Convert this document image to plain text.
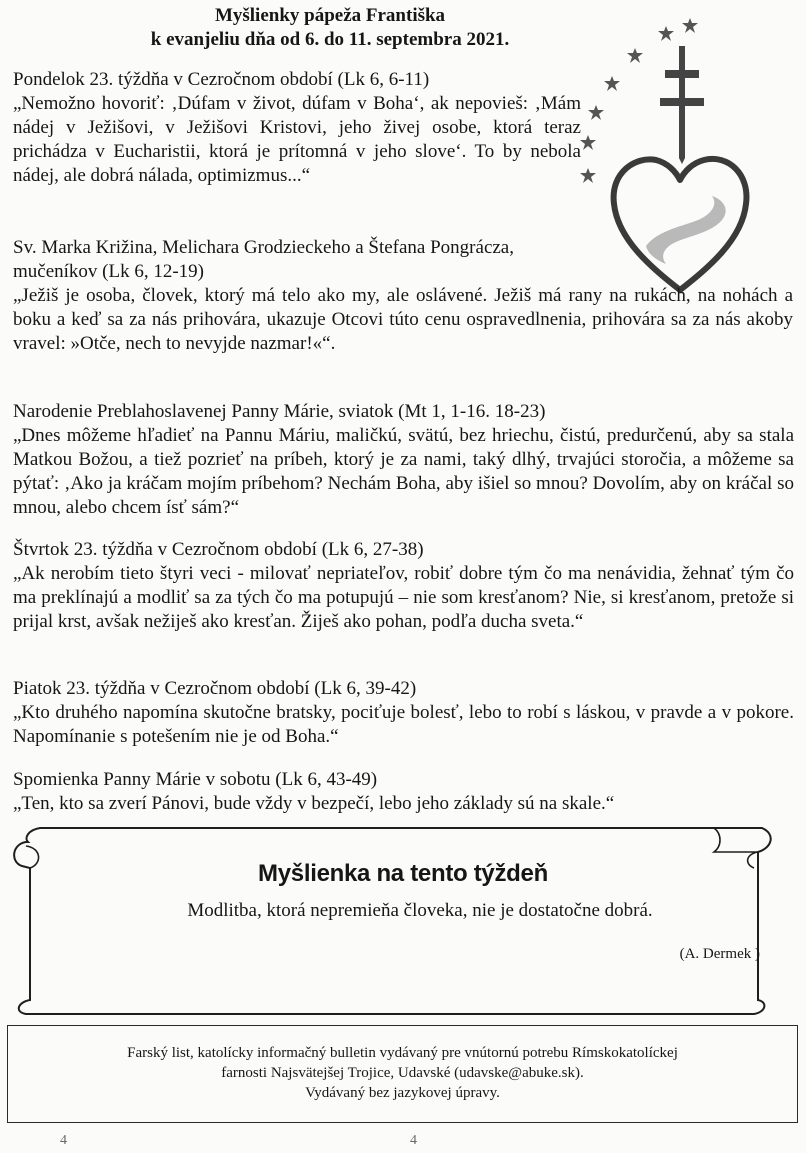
Myšlienky pápeža Františka
k evanjeliu dňa od 6. do 11. septembra 2021.
Pondelok 23. týždňa v Cezročnom období (Lk 6, 6-11)
„Nemožno hovoriť: ‚Dúfam v život, dúfam v Boha‘, ak nepovieš: ‚Mám nádej v Ježišovi, v Ježišovi Kristovi, jeho živej osobe, ktorá teraz prichádza v Eucharistii, ktorá je prítomná v jeho slove‘. To by nebola nádej, ale dobrá nálada, optimizmus...“
Sv. Marka Križina, Melichara Grodzieckeho a Štefana Pongrácza, mučeníkov (Lk 6, 12-19)
„Ježiš je osoba, človek, ktorý má telo ako my, ale oslávené. Ježiš má rany na rukách, na nohách a boku a keď sa za nás prihovára, ukazuje Otcovi túto cenu ospravedlnenia, prihovára sa za nás akoby vravel: »Otče, nech to nevyjde nazmar!«“.
Narodenie Preblahoslavenej Panny Márie, sviatok (Mt 1, 1-16. 18-23)
„Dnes môžeme hľadieť na Pannu Máriu, maličkú, svätú, bez hriechu, čistú, predurčenú, aby sa stala Matkou Božou, a tiež pozrieť na príbeh, ktorý je za nami, taký dlhý, trvajúci storočia, a môžeme sa pýtať: ‚Ako ja kráčam mojím príbehom? Nechám Boha, aby išiel so mnou? Dovolím, aby on kráčal so mnou, alebo chcem ísť sám?“
Štvrtok 23. týždňa v Cezročnom období (Lk 6, 27-38)
„Ak nerobím tieto štyri veci - milovať nepriateľov, robiť dobre tým čo ma nenávidia, žehnať tým čo ma preklínajú a modliť sa za tých čo ma potupujú – nie som kresťanom? Nie, si kresťanom, pretože si prijal krst, avšak nežiješ ako kresťan. Žiješ ako pohan, podľa ducha sveta.“
Piatok 23. týždňa v Cezročnom období (Lk 6, 39-42)
„Kto druhého napomína skutočne bratsky, pociťuje bolesť, lebo to robí s láskou, v pravde a v pokore. Napomínanie s potešením nie je od Boha.“
Spomienka Panny Márie v sobotu (Lk 6, 43-49)
„Ten, kto sa zverí Pánovi, bude vždy v bezpečí, lebo jeho základy sú na skale.“
Myšlienka na tento týždeň
Modlitba, ktorá nepremieňa človeka, nie je dostatočne dobrá.
(A. Dermek )
Farský list, katolícky informačný bulletin vydávaný pre vnútornú potrebu Rímskokatolíckej
farnosti Najsvätejšej Trojice, Udavské (udavske@abuke.sk).
Vydávaný bez jazykovej úpravy.
4	4
